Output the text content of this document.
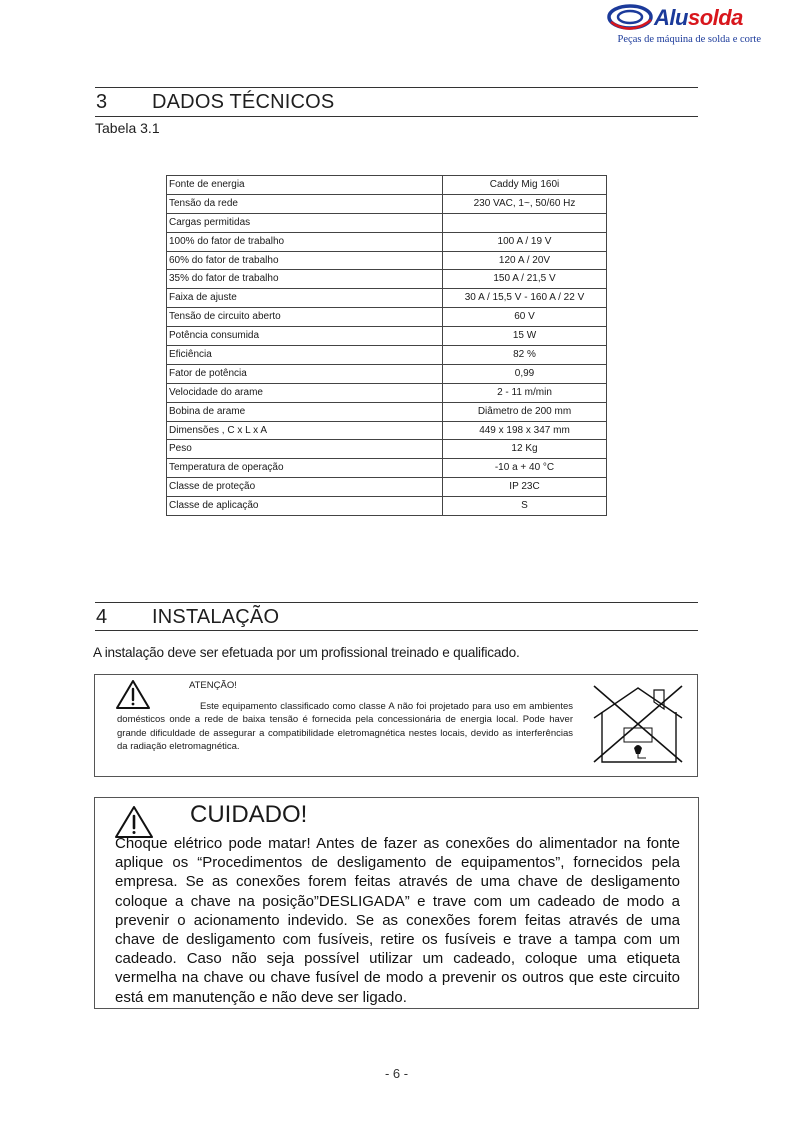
Alusolda
Peças de máquina de solda e corte
3 DADOS TÉCNICOS
Tabela 3.1
Fonte de energia	Caddy Mig 160i
Tensão da rede	230 VAC, 1~, 50/60 Hz
Cargas permitidas	
100% do fator de trabalho	100 A / 19 V
60% do fator de trabalho	120 A / 20V
35% do fator de trabalho	150 A / 21,5 V
Faixa de ajuste	30 A / 15,5 V - 160 A / 22 V
Tensão de circuito aberto	60 V
Potência consumida	15 W
Eficiência	82 %
Fator de potência	0,99
Velocidade do arame	2 - 11 m/min
Bobina de arame	Diâmetro de 200 mm
Dimensões , C x L x A	449 x 198 x 347 mm
Peso	12 Kg
Temperatura de operação	-10 a + 40 °C
Classe de proteção	IP 23C
Classe de aplicação	S
4 INSTALAÇÃO
A instalação deve ser efetuada por um profissional treinado e qualificado.
ATENÇÃO!
Este equipamento classificado como classe A não foi projetado para uso em ambientes domésticos onde a rede de baixa tensão é fornecida pela concessionária de energia local. Pode haver grande dificuldade de assegurar a compatibilidade eletromagnética nestes locais, devido as interferências da radiação eletromagnética.
CUIDADO!
Choque elétrico pode matar! Antes de fazer as conexões do alimentador na fonte aplique os “Procedimentos de desligamento de equipamentos”, fornecidos pela empresa. Se as conexões forem feitas através de uma chave de desligamento coloque a chave na posição”DESLIGADA” e trave com um cadeado de modo a prevenir o acionamento indevido. Se as conexões forem feitas através de uma chave de desligamento com fusíveis, retire os fusíveis e trave a tampa com um cadeado. Caso não seja possível utilizar um cadeado, coloque uma etiqueta vermelha na chave ou chave fusível de modo a prevenir os outros que este circuito está em manutenção e não deve ser ligado.
- 6 -
